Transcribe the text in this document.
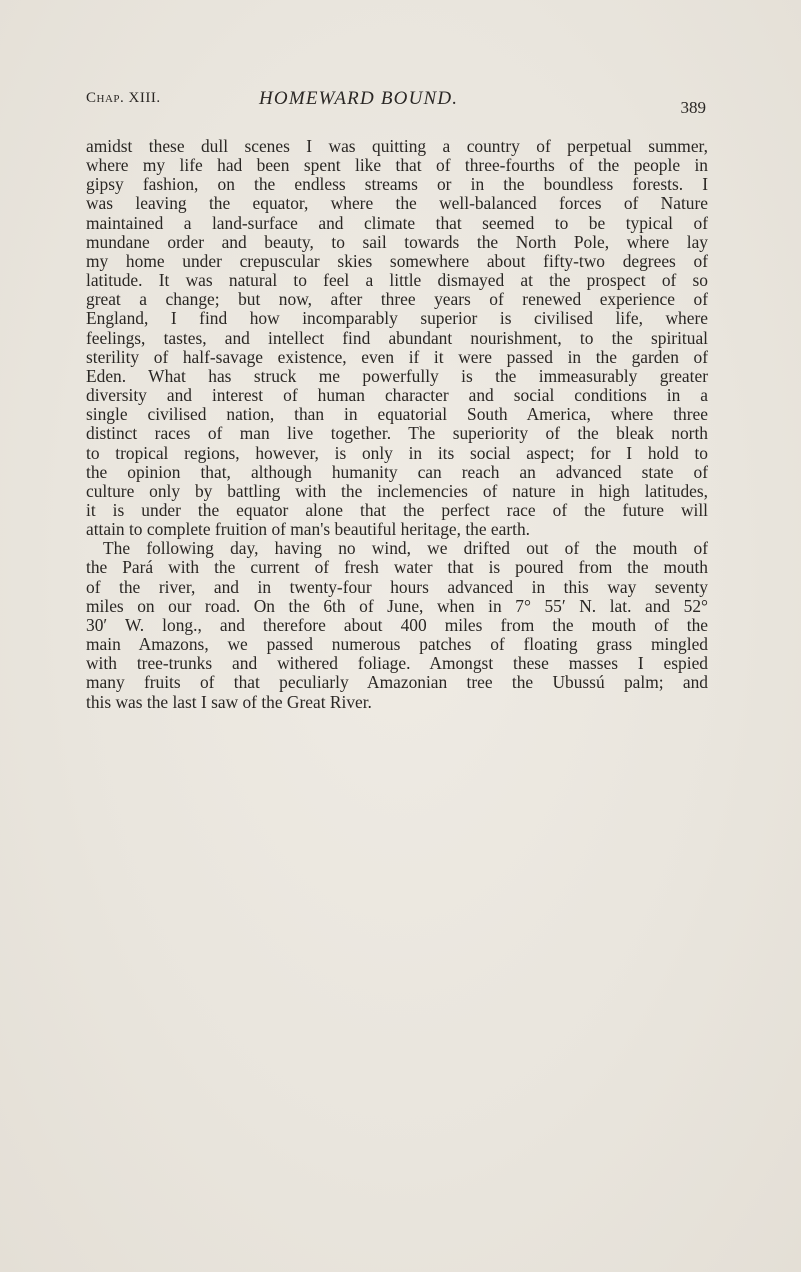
Chap. XIII.	HOMEWARD BOUND.	389
amidst these dull scenes I was quitting a country of perpetual summer,
where my life had been spent like that of three-fourths of the people in
gipsy fashion, on the endless streams or in the boundless forests. I
was leaving the equator, where the well-balanced forces of Nature
maintained a land-surface and climate that seemed to be typical of
mundane order and beauty, to sail towards the North Pole, where lay
my home under crepuscular skies somewhere about fifty-two degrees of
latitude. It was natural to feel a little dismayed at the prospect of so
great a change; but now, after three years of renewed experience of
England, I find how incomparably superior is civilised life, where
feelings, tastes, and intellect find abundant nourishment, to the spiritual
sterility of half-savage existence, even if it were passed in the garden of
Eden. What has struck me powerfully is the immeasurably greater
diversity and interest of human character and social conditions in a
single civilised nation, than in equatorial South America, where three
distinct races of man live together. The superiority of the bleak north
to tropical regions, however, is only in its social aspect; for I hold to
the opinion that, although humanity can reach an advanced state of
culture only by battling with the inclemencies of nature in high latitudes,
it is under the equator alone that the perfect race of the future will
attain to complete fruition of man's beautiful heritage, the earth.
The following day, having no wind, we drifted out of the mouth of
the Pará with the current of fresh water that is poured from the mouth
of the river, and in twenty-four hours advanced in this way seventy
miles on our road. On the 6th of June, when in 7° 55′ N. lat. and 52°
30′ W. long., and therefore about 400 miles from the mouth of the
main Amazons, we passed numerous patches of floating grass mingled
with tree-trunks and withered foliage. Amongst these masses I espied
many fruits of that peculiarly Amazonian tree the Ubussú palm; and
this was the last I saw of the Great River.
